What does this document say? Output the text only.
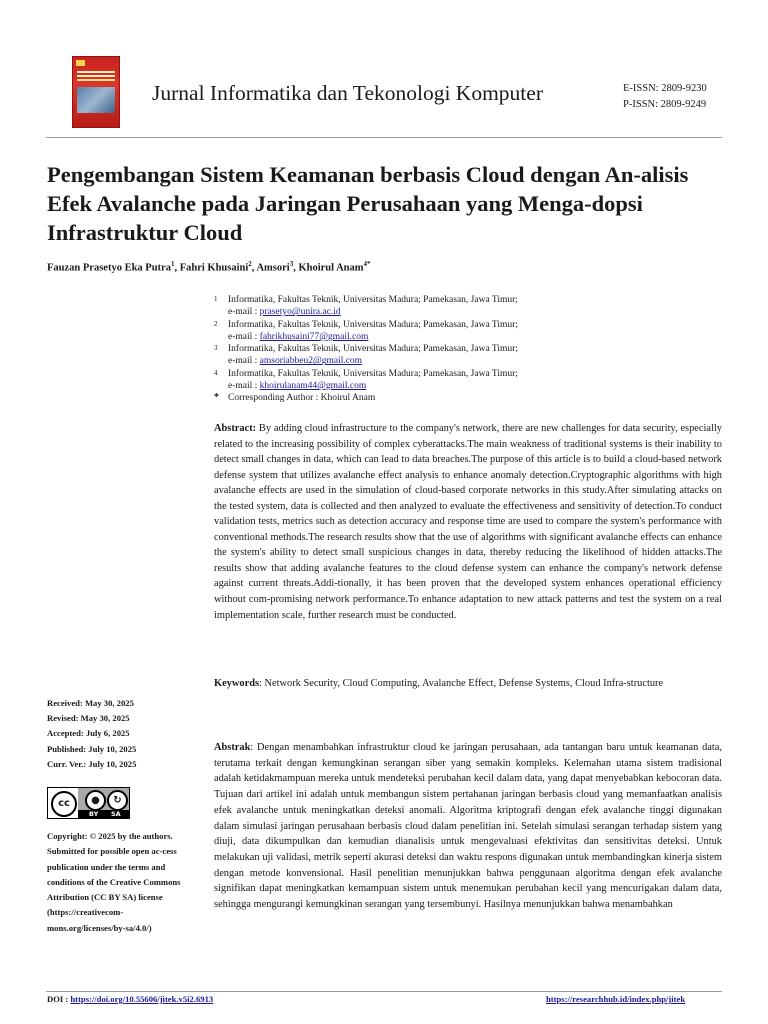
Jurnal Informatika dan Tekonologi Komputer	E-ISSN: 2809-9230
P-ISSN: 2809-9249
Pengembangan Sistem Keamanan berbasis Cloud dengan An-alisis Efek Avalanche pada Jaringan Perusahaan yang Menga-dopsi Infrastruktur Cloud
Fauzan Prasetyo Eka Putra$^1$, Fahri Khusaini$^2$, Amsori$^3$, Khoirul Anam$^{4*}$
1 Informatika, Fakultas Teknik, Universitas Madura; Pamekasan, Jawa Timur;
e-mail : prasetyo@unira.ac.id
2 Informatika, Fakultas Teknik, Universitas Madura; Pamekasan, Jawa Timur;
e-mail : fahrikhusaini77@gmail.com
3 Informatika, Fakultas Teknik, Universitas Madura; Pamekasan, Jawa Timur;
e-mail : amsoriabbeu2@gmail.com
4 Informatika, Fakultas Teknik, Universitas Madura; Pamekasan, Jawa Timur;
e-mail : khoirulanam44@gmail.com
* Corresponding Author : Khoirul Anam
Abstract: By adding cloud infrastructure to the company's network, there are new challenges for data security, especially related to the increasing possibility of complex cyberattacks.The main weakness of traditional systems is their inability to detect small changes in data, which can lead to data breaches.The purpose of this article is to build a cloud-based network defense system that utilizes avalanche effect analysis to enhance anomaly detection.Cryptographic algorithms with high avalanche effects are used in the simulation of cloud-based corporate networks in this study.After simulating attacks on the tested system, data is collected and then analyzed to evaluate the effectiveness and sensitivity of detection.To conduct validation tests, metrics such as detection accuracy and response time are used to compare the system's performance with conventional methods.The research results show that the use of algorithms with significant avalanche effects can enhance the system's ability to detect small suspicious changes in data, thereby reducing the likelihood of hidden attacks.The results show that adding avalanche features to the cloud defense system can enhance the company's network defense against current threats.Addi-tionally, it has been proven that the developed system enhances operational efficiency without com-promising network performance.To enhance adaptation to new attack patterns and test the system on a real implementation scale, further research must be conducted.
Keywords: Network Security, Cloud Computing, Avalanche Effect, Defense Systems, Cloud Infra-structure
Abstrak: Dengan menambahkan infrastruktur cloud ke jaringan perusahaan, ada tantangan baru untuk keamanan data, terutama terkait dengan kemungkinan serangan siber yang semakin kompleks. Kelemahan utama sistem tradisional adalah ketidakmampuan mereka untuk mendeteksi perubahan kecil dalam data, yang dapat menyebabkan kebocoran data. Tujuan dari artikel ini adalah untuk membangun sistem pertahanan jaringan berbasis cloud yang memanfaatkan analisis efek avalanche untuk meningkatkan deteksi anomali. Algoritma kriptografi dengan efek avalanche tinggi digunakan dalam simulasi jaringan perusahaan berbasis cloud dalam penelitian ini. Setelah simulasi serangan terhadap sistem yang diuji, data dikumpulkan dan kemudian dianalisis untuk mengevaluasi efektivitas dan sensitivitas deteksi. Untuk melakukan uji validasi, metrik seperti akurasi deteksi dan waktu respons digunakan untuk membandingkan kinerja sistem dengan metode konvensional. Hasil penelitian menunjukkan bahwa penggunaan algoritma dengan efek avalanche signifikan dapat meningkatkan kemampuan sistem untuk menemukan perubahan kecil yang mencurigakan dalam data, sehingga mengurangi kemungkinan serangan yang tersembunyi. Hasilnya menunjukkan bahwa menambahkan
Received: May 30, 2025
Revised: May 30, 2025
Accepted: July 6, 2025
Published: July 10, 2025
Curr. Ver.: July 10, 2025
cc	●	↻
BY SA
Copyright: © 2025 by the authors. Submitted for possible open ac-cess publication under the terms and conditions of the Creative Commons Attribution (CC BY SA) license (https://creativecom-mons.org/licenses/by-sa/4.0/)
DOI : https://doi.org/10.55606/jitek.v5i2.6913	https://researchhub.id/index.php/jitek
